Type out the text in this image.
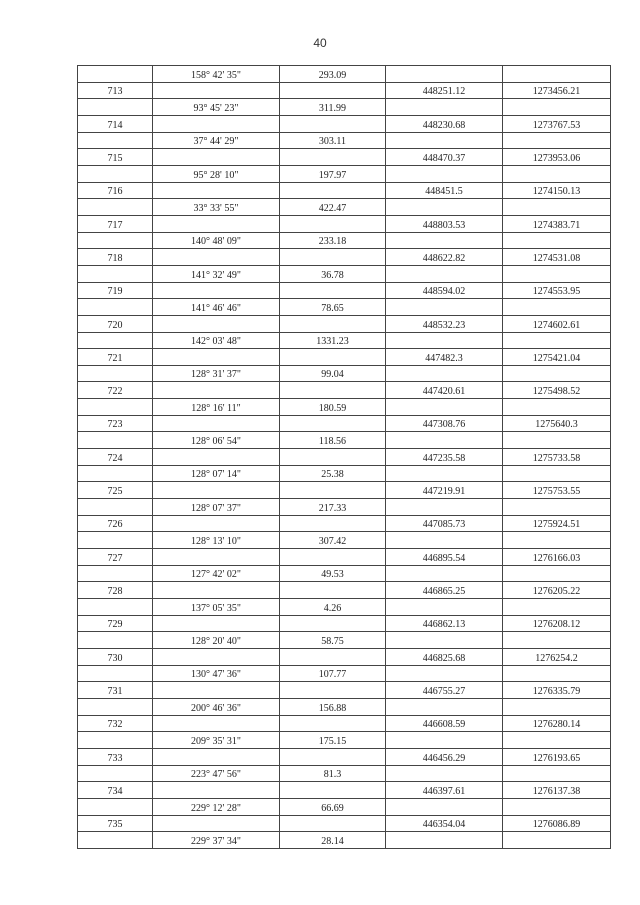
40
	158° 42' 35"	293.09		
713			448251.12	1273456.21
	93° 45' 23"	311.99		
714			448230.68	1273767.53
	37° 44' 29"	303.11		
715			448470.37	1273953.06
	95° 28' 10"	197.97		
716			448451.5	1274150.13
	33° 33' 55"	422.47		
717			448803.53	1274383.71
	140° 48' 09"	233.18		
718			448622.82	1274531.08
	141° 32' 49"	36.78		
719			448594.02	1274553.95
	141° 46' 46"	78.65		
720			448532.23	1274602.61
	142° 03' 48"	1331.23		
721			447482.3	1275421.04
	128° 31' 37"	99.04		
722			447420.61	1275498.52
	128° 16' 11"	180.59		
723			447308.76	1275640.3
	128° 06' 54"	118.56		
724			447235.58	1275733.58
	128° 07' 14"	25.38		
725			447219.91	1275753.55
	128° 07' 37"	217.33		
726			447085.73	1275924.51
	128° 13' 10"	307.42		
727			446895.54	1276166.03
	127° 42' 02"	49.53		
728			446865.25	1276205.22
	137° 05' 35"	4.26		
729			446862.13	1276208.12
	128° 20' 40"	58.75		
730			446825.68	1276254.2
	130° 47' 36"	107.77		
731			446755.27	1276335.79
	200° 46' 36"	156.88		
732			446608.59	1276280.14
	209° 35' 31"	175.15		
733			446456.29	1276193.65
	223° 47' 56"	81.3		
734			446397.61	1276137.38
	229° 12' 28"	66.69		
735			446354.04	1276086.89
	229° 37' 34"	28.14		
